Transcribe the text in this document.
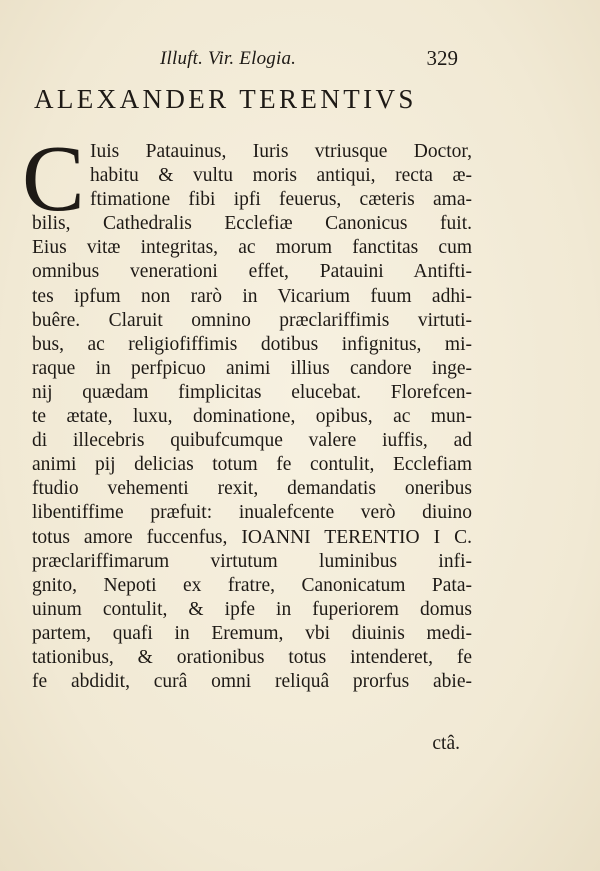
Illuft. Vir. Elogia.	329
ALEXANDER TERENTIVS
C Iuis Patauinus, Iuris vtriusque Doctor,
habitu & vultu moris antiqui, recta æ-
ftimatione fibi ipfi feuerus, cæteris ama-
bilis, Cathedralis Ecclefiæ Canonicus fuit.
Eius vitæ integritas, ac morum fanctitas cum
omnibus venerationi effet, Patauini Antifti-
tes ipfum non rarò in Vicarium fuum adhi-
buêre. Claruit omnino præclariffimis virtuti-
bus, ac religiofiffimis dotibus infignitus, mi-
raque in perfpicuo animi illius candore inge-
nij quædam fimplicitas elucebat. Florefcen-
te ætate, luxu, dominatione, opibus, ac mun-
di illecebris quibufcumque valere iuffis, ad
animi pij delicias totum fe contulit, Ecclefiam
ftudio vehementi rexit, demandatis oneribus
libentiffime præfuit: inualefcente verò diuino
totus amore fuccenfus, IOANNI TERENTIO I C.
præclariffimarum virtutum luminibus infi-
gnito, Nepoti ex fratre, Canonicatum Pata-
uinum contulit, & ipfe in fuperiorem domus
partem, quafi in Eremum, vbi diuinis medi-
tationibus, & orationibus totus intenderet, fe
fe abdidit, curâ omni reliquâ prorfus abie-
ctâ.
